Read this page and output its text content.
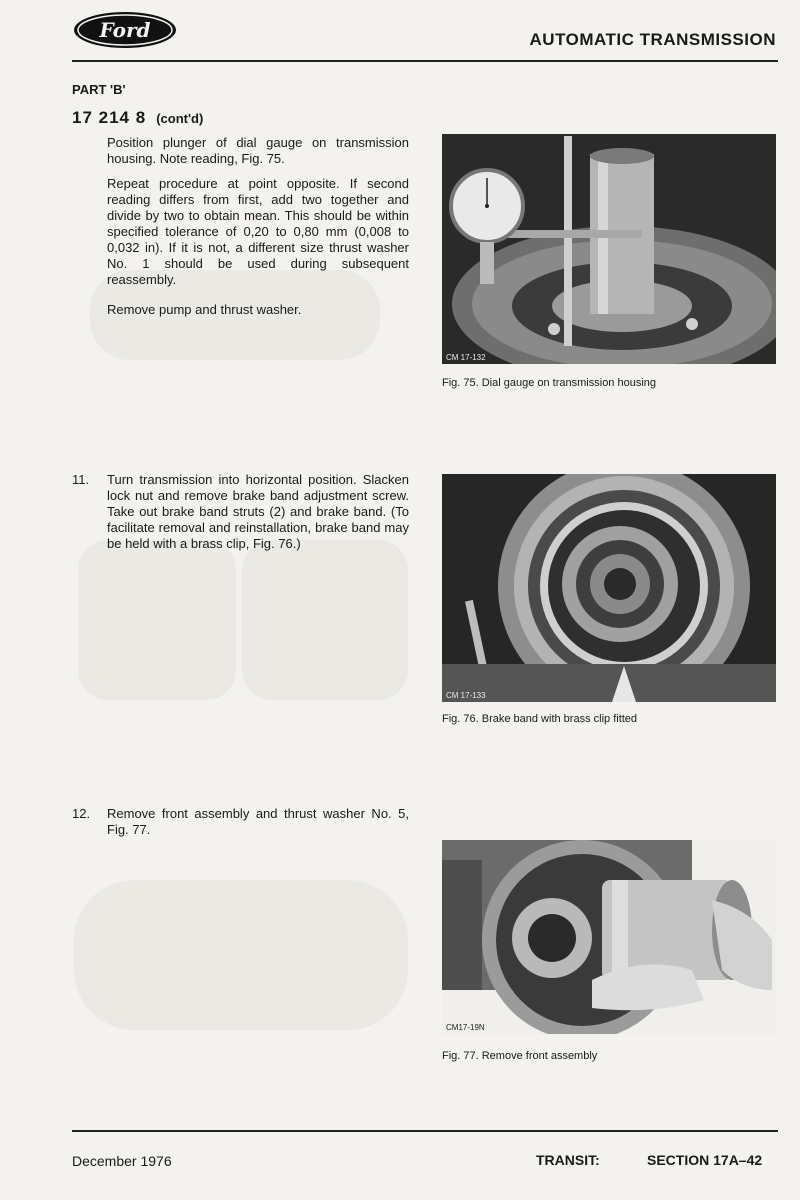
Ford	AUTOMATIC TRANSMISSION
PART 'B'
17 214 8 (cont'd)

Position plunger of dial gauge on transmission housing. Note reading, Fig. 75.

Repeat procedure at point opposite. If second reading differs from first, add two together and divide by two to obtain mean. This should be within specified tolerance of 0,20 to 0,80 mm (0,008 to 0,032 in). If it is not, a different size thrust washer No. 1 should be used during subsequent reassembly.

Remove pump and thrust washer.

CM 17-132
Fig. 75. Dial gauge on transmission housing
11.	Turn transmission into horizontal position. Slacken lock nut and remove brake band adjustment screw. Take out brake band struts (2) and brake band. (To facilitate removal and reinstallation, brake band may be held with a brass clip, Fig. 76.)
CM 17-133
Fig. 76. Brake band with brass clip fitted
12.	Remove front assembly and thrust washer No. 5, Fig. 77.
CM17-19N
Fig. 77. Remove front assembly
December 1976	TRANSIT:	SECTION 17A–42
